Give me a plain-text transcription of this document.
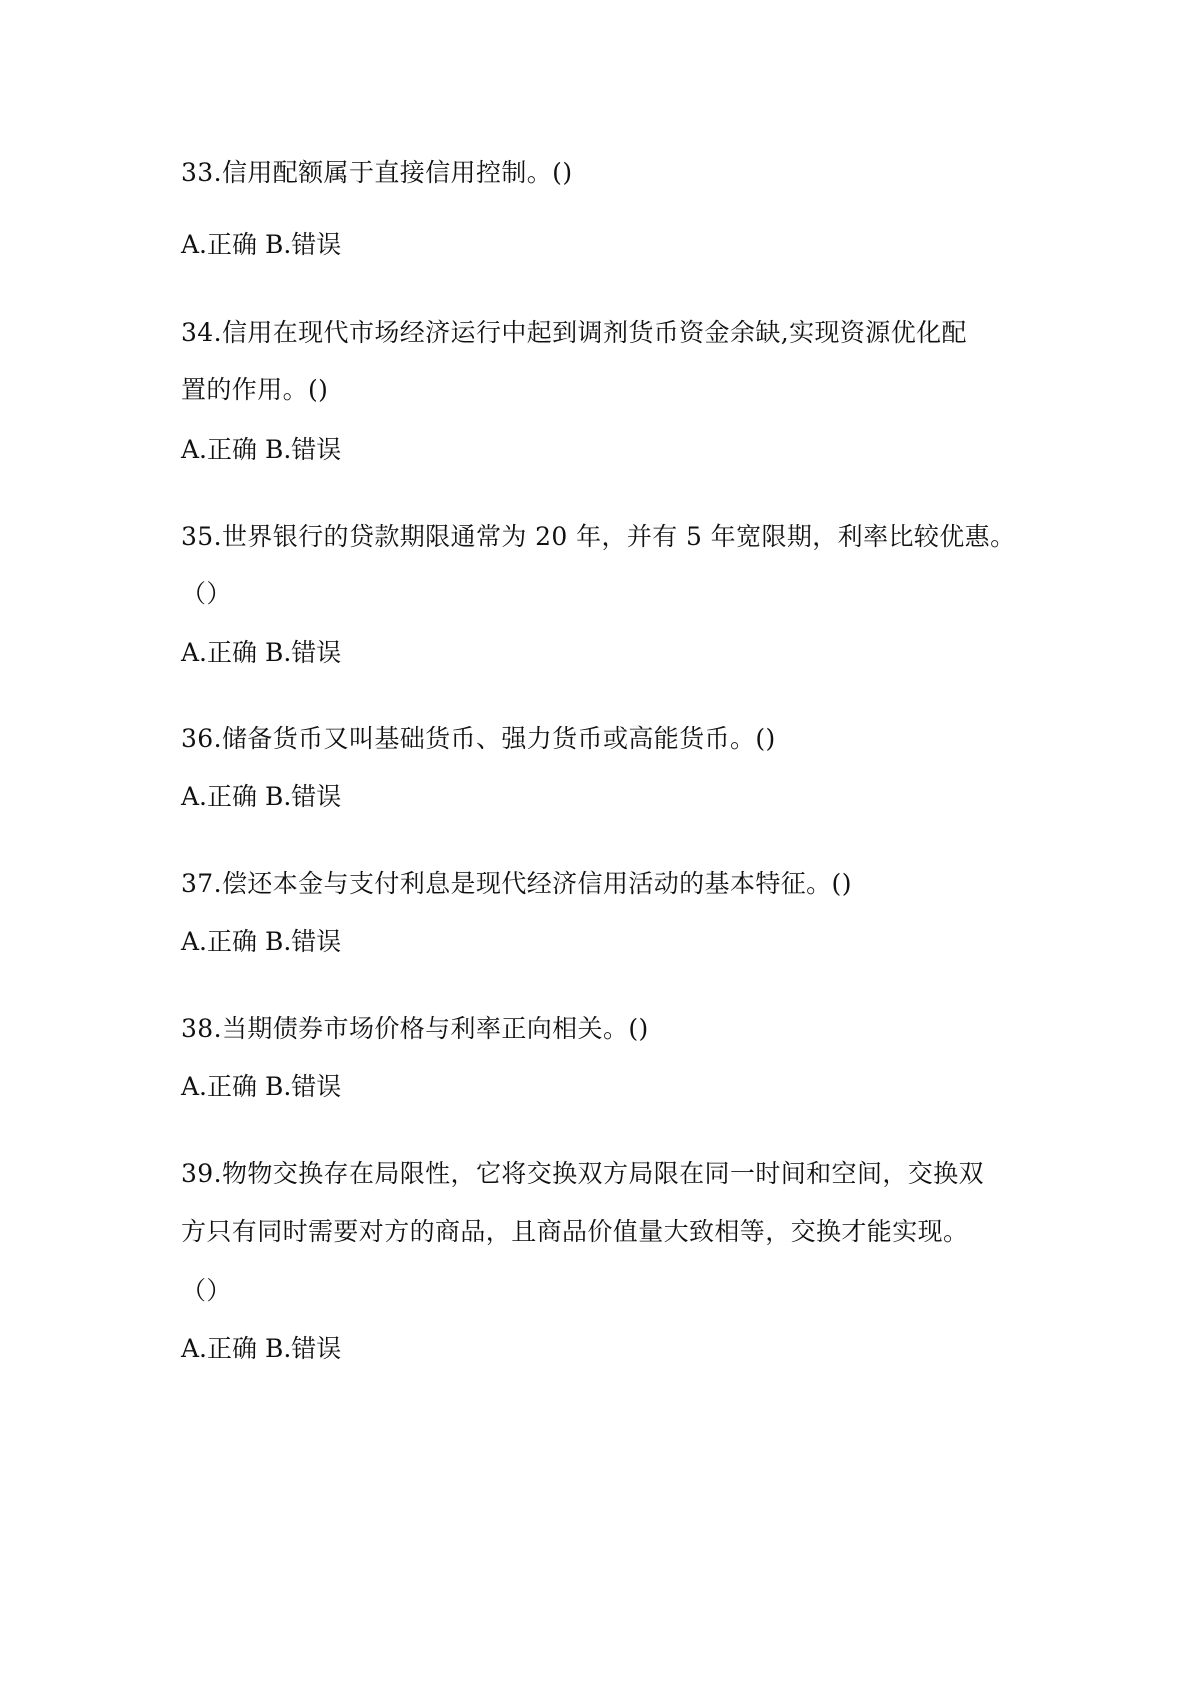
33.信用配额属于直接信用控制。()
A.正确 B.错误
34.信用在现代市场经济运行中起到调剂货币资金余缺,实现资源优化配
置的作用。()
A.正确 B.错误
35.世界银行的贷款期限通常为 20 年，并有 5 年宽限期，利率比较优惠。
（）
A.正确 B.错误
36.储备货币又叫基础货币、强力货币或高能货币。()
A.正确 B.错误
37.偿还本金与支付利息是现代经济信用活动的基本特征。()
A.正确 B.错误
38.当期债券市场价格与利率正向相关。()
A.正确 B.错误
39.物物交换存在局限性，它将交换双方局限在同一时间和空间，交换双
方只有同时需要对方的商品，且商品价值量大致相等，交换才能实现。
（）
A.正确 B.错误
